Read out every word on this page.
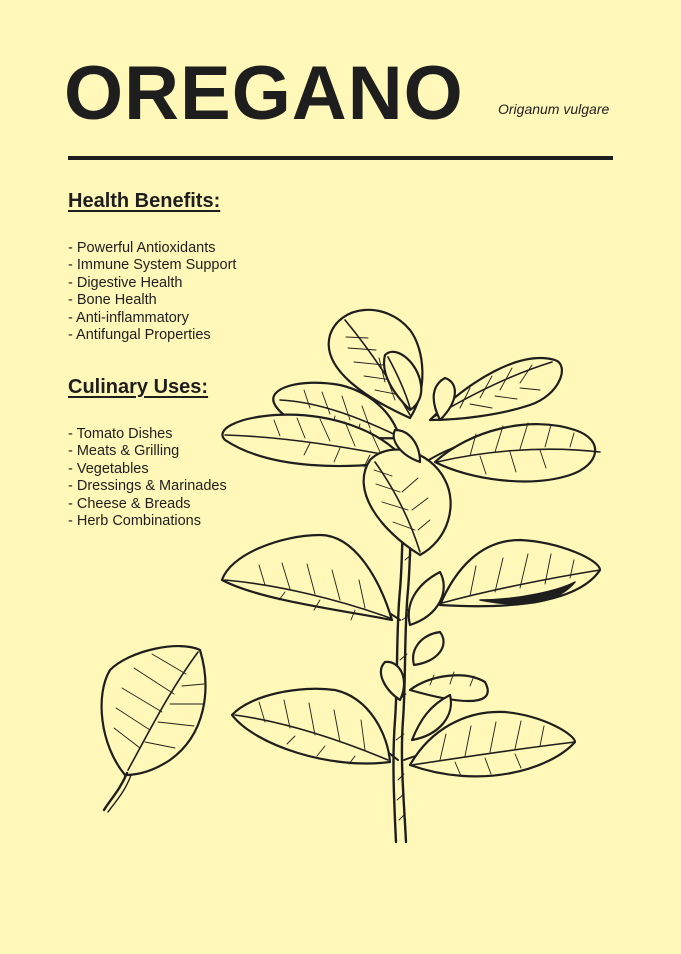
OREGANO Origanum vulgare
Health Benefits:
- Powerful Antioxidants
- Immune System Support
- Digestive Health
- Bone Health
- Anti-inflammatory
- Antifungal Properties
Culinary Uses:
- Tomato Dishes
- Meats & Grilling
- Vegetables
- Dressings & Marinades
- Cheese & Breads
- Herb Combinations
